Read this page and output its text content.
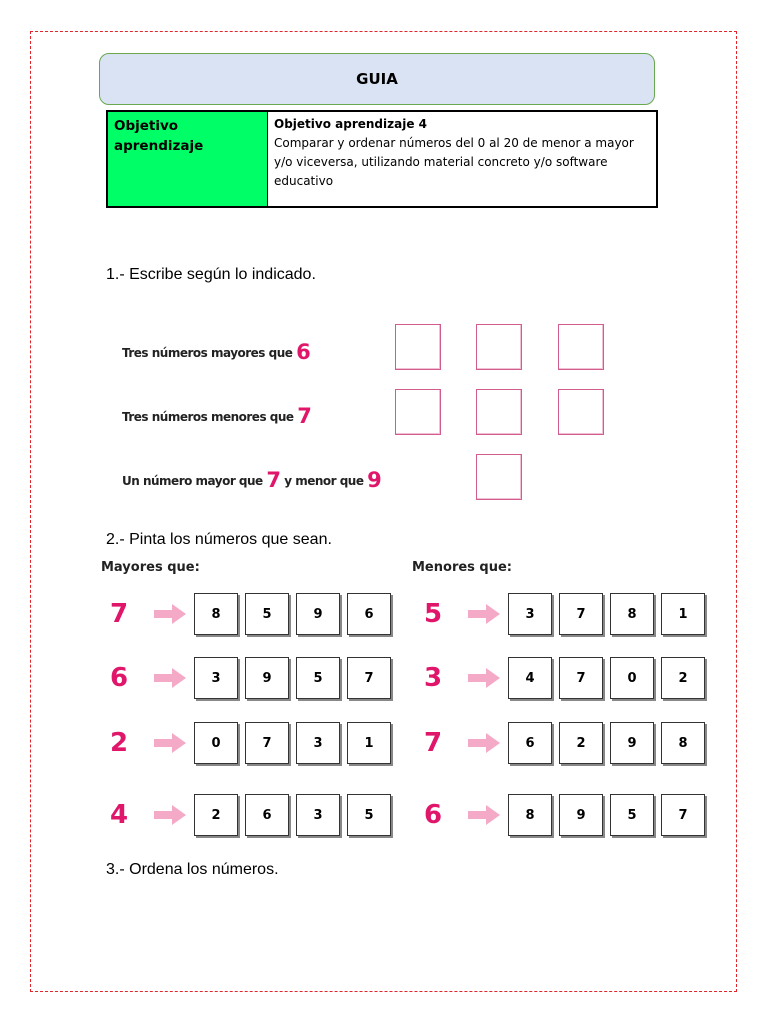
GUIA
Objetivo aprendizaje
Objetivo aprendizaje 4
Comparar y ordenar números del 0 al 20 de menor a mayor y/o viceversa, utilizando material concreto y/o software educativo
1.- Escribe según lo indicado.
Tres números mayores que 6
Tres números menores que 7
Un número mayor que 7 y menor que 9
2.- Pinta los números que sean.
Mayores que:	Menores que:
7	8	5	9	6
6	3	9	5	7
2	0	7	3	1
4	2	6	3	5
5	3	7	8	1
3	4	7	0	2
7	6	2	9	8
6	8	9	5	7
3.- Ordena los números.
